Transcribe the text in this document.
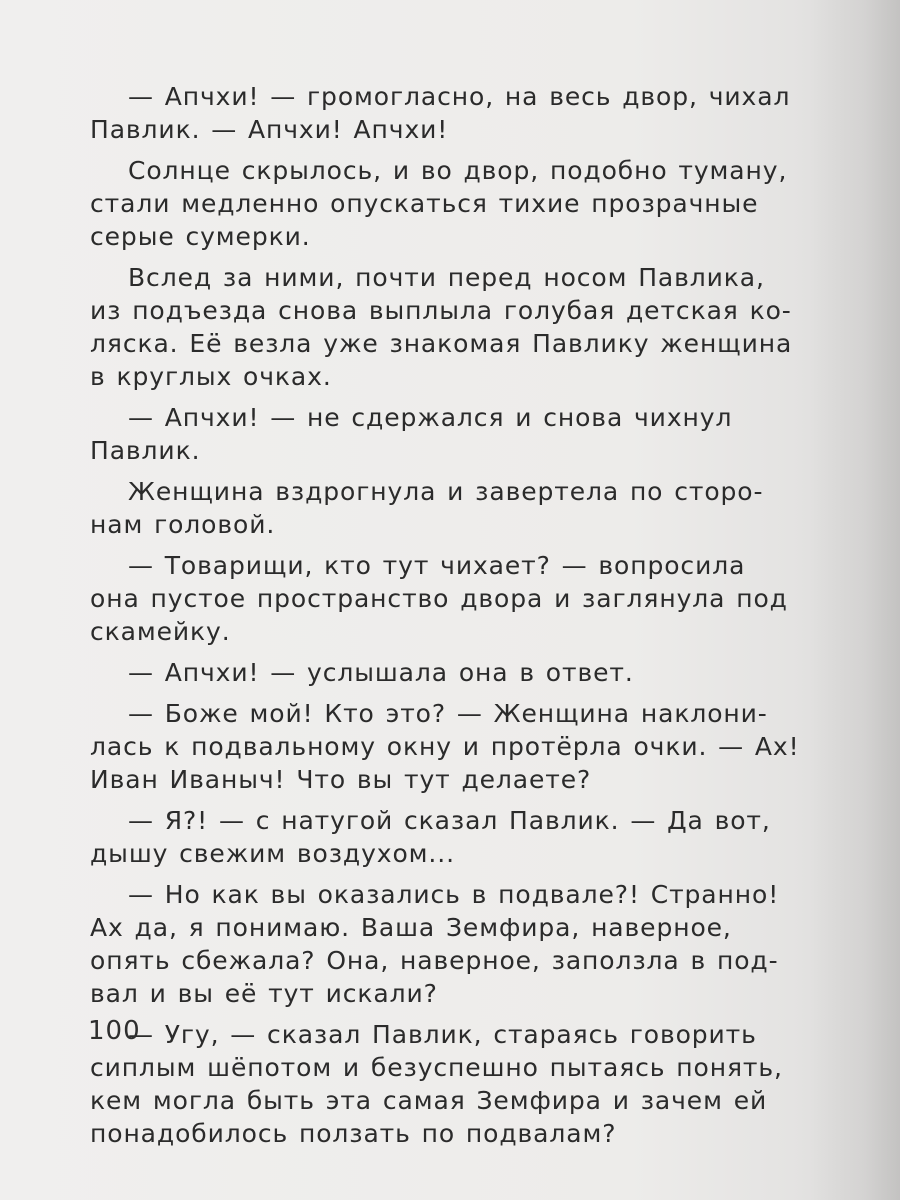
— Апчхи! — громогласно, на весь двор, чихал
Павлик. — Апчхи! Апчхи!

Солнце скрылось, и во двор, подобно туману,
стали медленно опускаться тихие прозрачные
серые сумерки.

Вслед за ними, почти перед носом Павлика,
из подъезда снова выплыла голубая детская ко-
ляска. Её везла уже знакомая Павлику женщина
в круглых очках.

— Апчхи! — не сдержался и снова чихнул
Павлик.

Женщина вздрогнула и завертела по сторо-
нам головой.

— Товарищи, кто тут чихает? — вопросила
она пустое пространство двора и заглянула под
скамейку.

— Апчхи! — услышала она в ответ.

— Боже мой! Кто это? — Женщина наклони-
лась к подвальному окну и протёрла очки. — Ах!
Иван Иваныч! Что вы тут делаете?

— Я?! — с натугой сказал Павлик. — Да вот,
дышу свежим воздухом...

— Но как вы оказались в подвале?! Странно!
Ах да, я понимаю. Ваша Земфира, наверное,
опять сбежала? Она, наверное, заползла в под-
вал и вы её тут искали?

— Угу, — сказал Павлик, стараясь говорить
сиплым шёпотом и безуспешно пытаясь понять,
кем могла быть эта самая Земфира и зачем ей
понадобилось ползать по подвалам?

100
